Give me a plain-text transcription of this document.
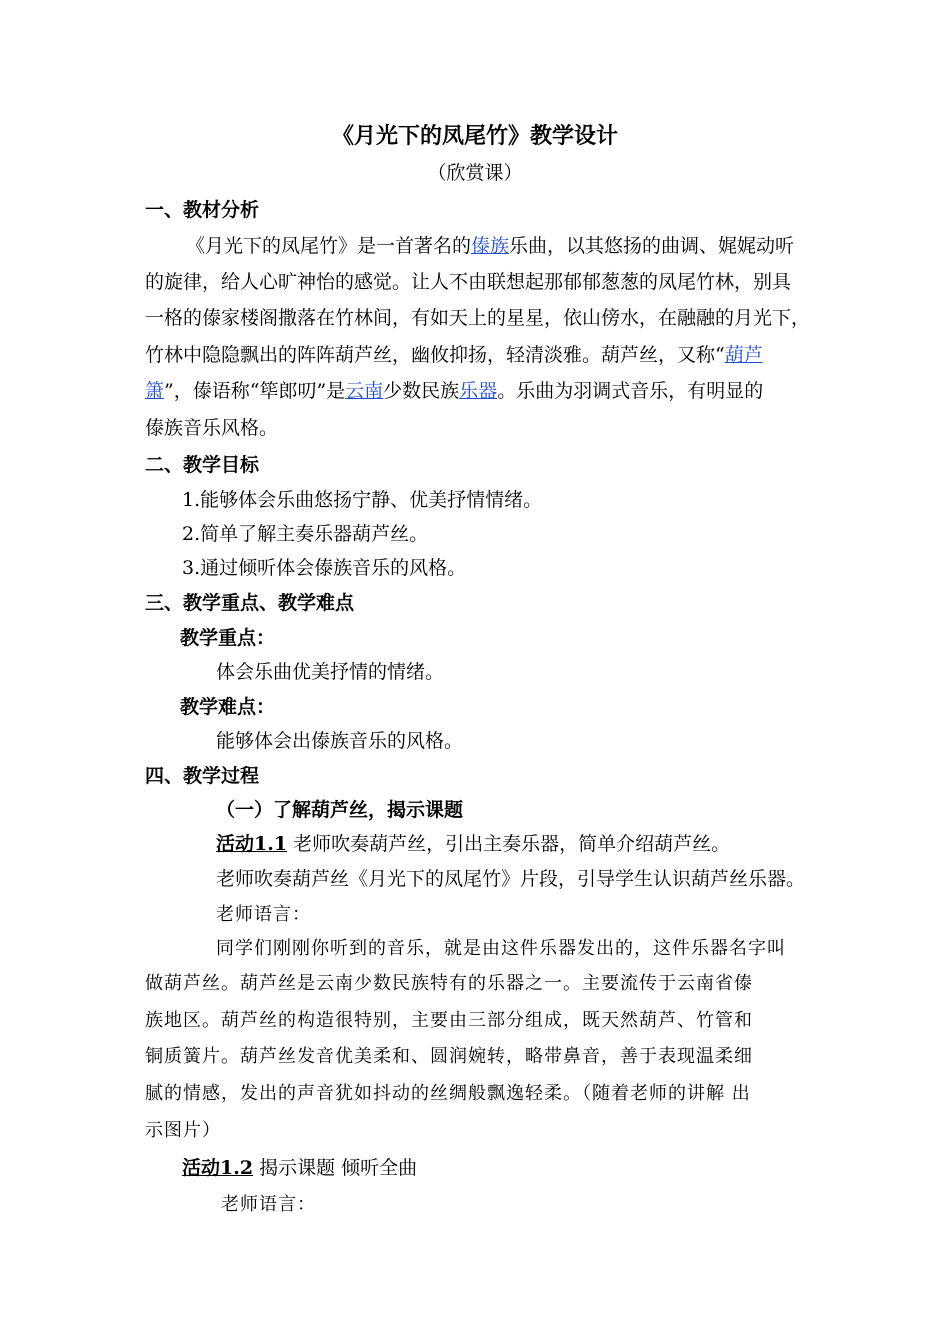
《月光下的凤尾竹》教学设计
（欣赏课）
一、教材分析
《月光下的凤尾竹》是一首著名的傣族乐曲，以其悠扬的曲调、娓娓动听
的旋律，给人心旷神怡的感觉。让人不由联想起那郁郁葱葱的凤尾竹林，别具
一格的傣家楼阁撒落在竹林间，有如天上的星星，依山傍水，在融融的月光下，
竹林中隐隐飘出的阵阵葫芦丝，幽攸抑扬，轻清淡雅。葫芦丝，又称“葫芦
箫”，傣语称“筚郎叨”是云南少数民族乐器。乐曲为羽调式音乐，有明显的
傣族音乐风格。
二、教学目标
1.能够体会乐曲悠扬宁静、优美抒情情绪。
2.简单了解主奏乐器葫芦丝。
3.通过倾听体会傣族音乐的风格。
三、教学重点、教学难点
教学重点：
体会乐曲优美抒情的情绪。
教学难点：
能够体会出傣族音乐的风格。
四、教学过程
（一）了解葫芦丝，揭示课题
活动1.1 老师吹奏葫芦丝，引出主奏乐器，简单介绍葫芦丝。
老师吹奏葫芦丝《月光下的凤尾竹》片段，引导学生认识葫芦丝乐器。
老师语言：
同学们刚刚你听到的音乐，就是由这件乐器发出的，这件乐器名字叫
做葫芦丝。葫芦丝是云南少数民族特有的乐器之一。主要流传于云南省傣
族地区。葫芦丝的构造很特别，主要由三部分组成，既天然葫芦、竹管和
铜质簧片。葫芦丝发音优美柔和、圆润婉转，略带鼻音，善于表现温柔细
腻的情感，发出的声音犹如抖动的丝绸般飘逸轻柔。（随着老师的讲解 出
示图片）
活动1.2 揭示课题 倾听全曲
老师语言：
